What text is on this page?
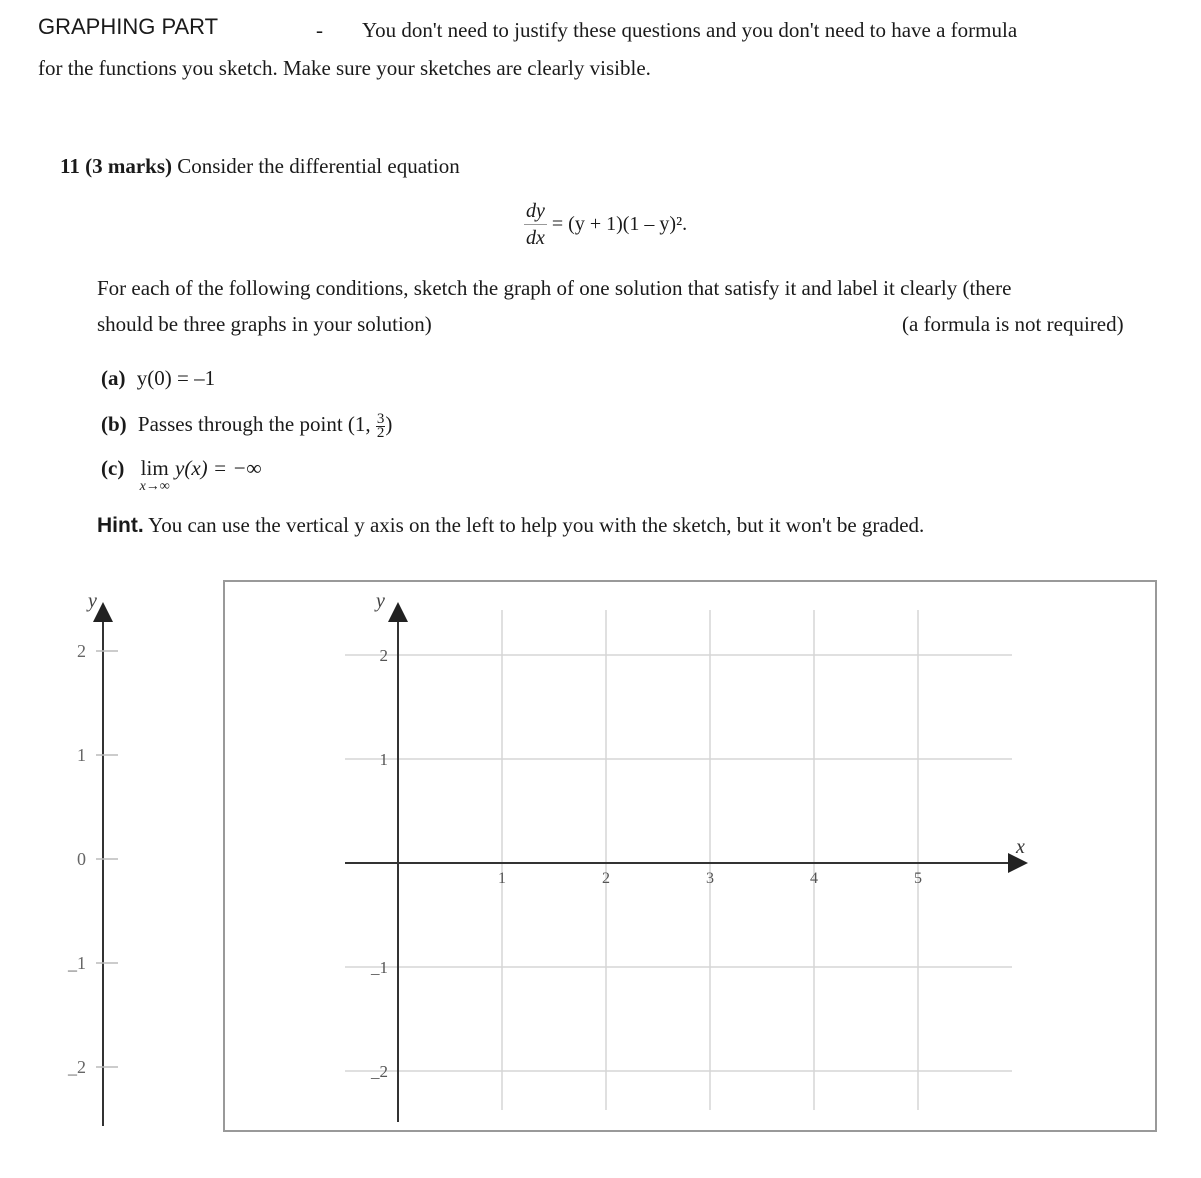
GRAPHING PART	- You don't need to justify these questions and you don't need to have a formula
for the functions you sketch. Make sure your sketches are clearly visible.
11 (3 marks) Consider the differential equation
$\frac{dy}{dx} = (y + 1)(1 - y)^2$.
For each of the following conditions, sketch the graph of one solution that satisfy it and label it clearly (there
should be three graphs in your solution)	(a formula is not required)
(a) y(0) = –1
(b) Passes through the point (1, $\frac{3}{2}$ )
(c) lim
x→∞
y(x) = −∞
Hint. You can use the vertical y axis on the left to help you with the sketch, but it won't be graded.
y
2
1
0
_1
_2
x
y
1	2	3	4	5
2
1
_1
_2
